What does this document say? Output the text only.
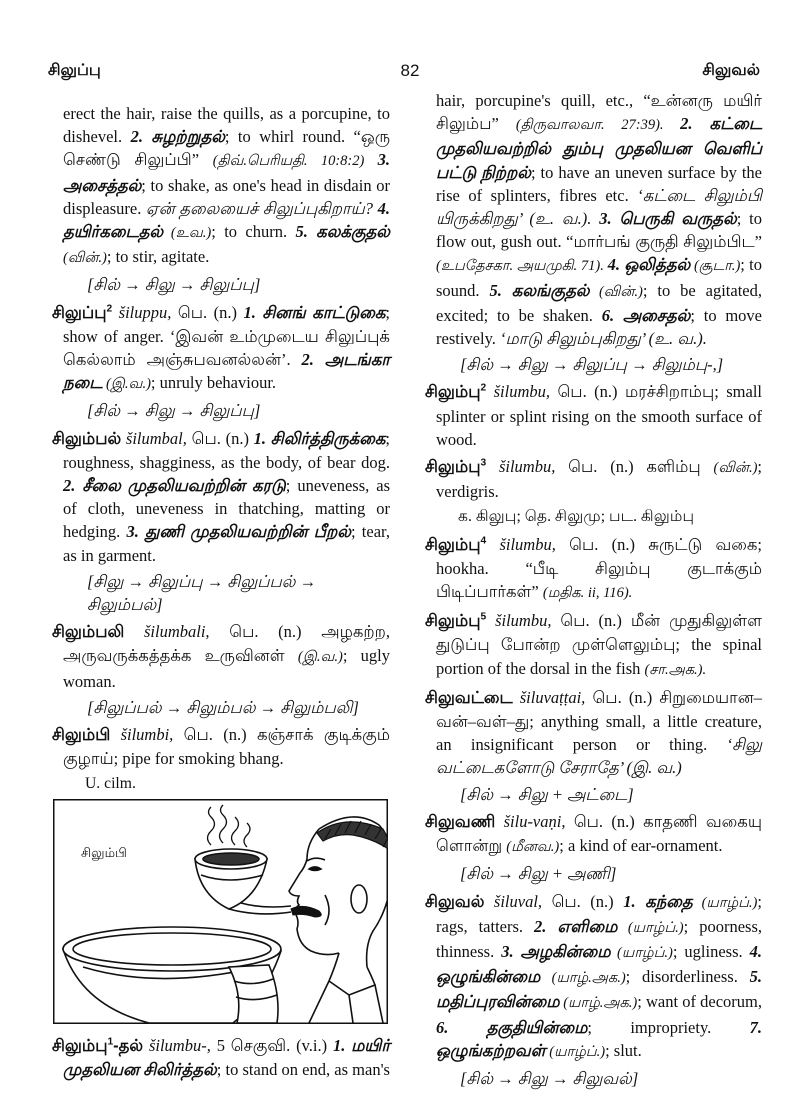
சிலுப்பு	82	சிலுவல்
erect the hair, raise the quills, as a porcupine, to dishevel. 2. சுழற்றுதல்; to whirl round. “ஒரு செண்டு சிலுப்பி” (திவ்.பெரியதி. 10:8:2) 3. அசைத்தல்; to shake, as one's head in disdain or displeasure. ஏன் தலையைச் சிலுப்புகிறாய்? 4. தயிர்கடைதல் (உவ.); to churn. 5. கலக்குதல் (வின்.); to stir, agitate.
[சில் → சிலு → சிலுப்பு]
சிலுப்பு$^2$ šiluppu, பெ. (n.) 1. சினங் காட்டுகை; show of anger. ‘இவன் உம்முடைய சிலுப்புக் கெல்லாம் அஞ்சுபவனல்லன்’. 2. அடங்கா நடை (இ.வ.); unruly behaviour.
[சில் → சிலு → சிலுப்பு]
சிலும்பல் šilumbal, பெ. (n.) 1. சிலிர்த்திருக்கை; roughness, shagginess, as the body, of bear dog. 2. சீலை முதலியவற்றின் கரடு; uneveness, as of cloth, uneveness in thatching, matting or hedging. 3. துணி முதலியவற்றின் பீறல்; tear, as in garment.
[சிலு → சிலுப்பு → சிலுப்பல் → சிலும்பல்]
சிலும்பலி šilumbali, பெ. (n.) அழகற்ற, அருவருக்கத்தக்க உருவினள் (இ.வ.); ugly woman.
[சிலுப்பல் → சிலும்பல் → சிலும்பலி]
சிலும்பி šilumbi, பெ. (n.) கஞ்சாக் குடிக்கும் குழாய்; pipe for smoking bhang.
U. cilm.
சிலும்பி
சிலும்பு$^1$-தல் šilumbu-, 5 செகுவி. (v.i.) 1. மயிர் முதலியன சிலிர்த்தல்; to stand on end, as man's
hair, porcupine's quill, etc., “உன்னரு மயிர் சிலும்ப” (திருவாலவா. 27:39). 2. கட்டை முதலியவற்றில் தும்பு முதலியன வெளிப் பட்டு நிற்றல்; to have an uneven surface by the rise of splinters, fibres etc. ‘கட்டை சிலும்பி யிருக்கிறது’ (உ. வ.). 3. பெருகி வருதல்; to flow out, gush out. “மார்பங் குருதி சிலும்பிட” (உபதேசகா. அயமுகி. 71). 4. ஒலித்தல் (சூடா.); to sound. 5. கலங்குதல் (வின்.); to be agitated, excited; to be shaken. 6. அசைதல்; to move restively. ‘மாடு சிலும்புகிறது’ (உ. வ.).
[சில் → சிலு → சிலுப்பு → சிலும்பு-,]
சிலும்பு$^2$ šilumbu, பெ. (n.) மரச்சிறாம்பு; small splinter or splint rising on the smooth surface of wood.
சிலும்பு$^3$ šilumbu, பெ. (n.) களிம்பு (வின்.); verdigris.
க. கிலுபு; தெ. சிலுமு; பட. கிலும்பு
சிலும்பு$^4$ šilumbu, பெ. (n.) சுருட்டு வகை; hookha. “பீடி சிலும்பு குடாக்கும் பிடிப்பார்கள்” (மதிக. ii, 116).
சிலும்பு$^5$ šilumbu, பெ. (n.) மீன் முதுகிலுள்ள துடுப்பு போன்ற முள்ளெலும்பு; the spinal portion of the dorsal in the fish (சா.அக.).
சிலுவட்டை šiluvaṭṭai, பெ. (n.) சிறுமையான–வன்–வள்–து; anything small, a little creature, an insignificant person or thing. ‘சிலு வட்டைகளோடு சேராதே’ (இ. வ.)
[சில் → சிலு + அட்டை]
சிலுவணி šilu-vaṇi, பெ. (n.) காதணி வகையு ளொன்று (மீனவ.); a kind of ear-ornament.
[சில் → சிலு + அணி]
சிலுவல் šiluval, பெ. (n.) 1. கந்தை (யாழ்ப்.); rags, tatters. 2. எளிமை (யாழ்ப்.); poorness, thinness. 3. அழகின்மை (யாழ்ப்.); ugliness. 4. ஒழுங்கின்மை (யாழ்.அக.); disorderliness. 5. மதிப்புரவின்மை (யாழ்.அக.); want of decorum, 6. தகுதியின்மை; impropriety. 7. ஒழுங்கற்றவள் (யாழ்ப்.); slut.
[சில் → சிலு → சிலுவல்]
